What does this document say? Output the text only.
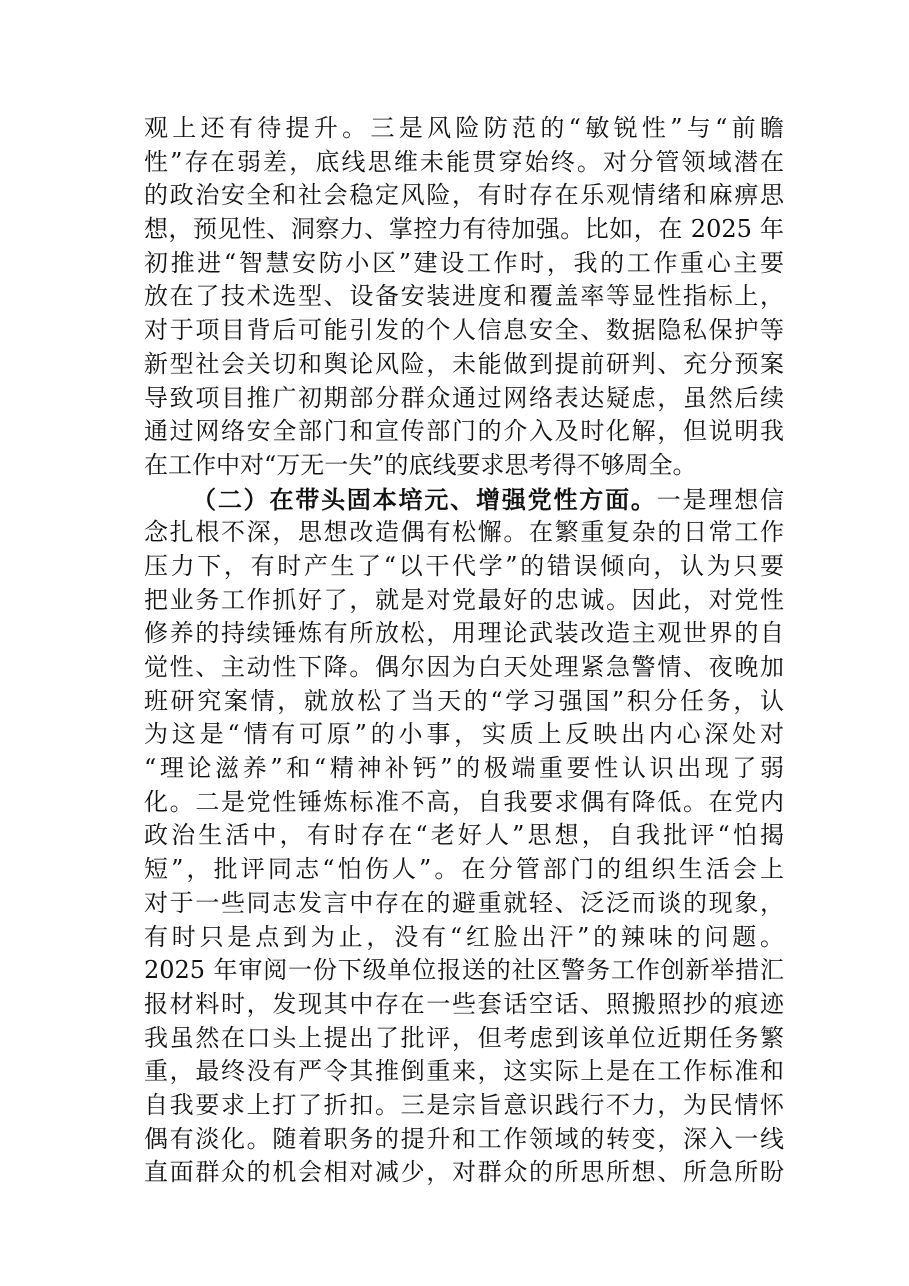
观上还有待提升。三是风险防范的“敏锐性”与“前瞻
性”存在弱差，底线思维未能贯穿始终。对分管领域潜在
的政治安全和社会稳定风险，有时存在乐观情绪和麻痹思
想，预见性、洞察力、掌控力有待加强。比如，在 2025 年
初推进“智慧安防小区”建设工作时，我的工作重心主要
放在了技术选型、设备安装进度和覆盖率等显性指标上，
对于项目背后可能引发的个人信息安全、数据隐私保护等
新型社会关切和舆论风险，未能做到提前研判、充分预案
导致项目推广初期部分群众通过网络表达疑虑，虽然后续
通过网络安全部门和宣传部门的介入及时化解，但说明我
在工作中对“万无一失”的底线要求思考得不够周全。
（二）在带头固本培元、增强党性方面。一是理想信
念扎根不深，思想改造偶有松懈。在繁重复杂的日常工作
压力下，有时产生了“以干代学”的错误倾向，认为只要
把业务工作抓好了，就是对党最好的忠诚。因此，对党性
修养的持续锤炼有所放松，用理论武装改造主观世界的自
觉性、主动性下降。偶尔因为白天处理紧急警情、夜晚加
班研究案情，就放松了当天的“学习强国”积分任务，认
为这是“情有可原”的小事，实质上反映出内心深处对
“理论滋养”和“精神补钙”的极端重要性认识出现了弱
化。二是党性锤炼标准不高，自我要求偶有降低。在党内
政治生活中，有时存在“老好人”思想，自我批评“怕揭
短”，批评同志“怕伤人”。在分管部门的组织生活会上
对于一些同志发言中存在的避重就轻、泛泛而谈的现象，
有时只是点到为止，没有“红脸出汗”的辣味的问题。
2025 年审阅一份下级单位报送的社区警务工作创新举措汇
报材料时，发现其中存在一些套话空话、照搬照抄的痕迹
我虽然在口头上提出了批评，但考虑到该单位近期任务繁
重，最终没有严令其推倒重来，这实际上是在工作标准和
自我要求上打了折扣。三是宗旨意识践行不力，为民情怀
偶有淡化。随着职务的提升和工作领域的转变，深入一线
直面群众的机会相对减少，对群众的所思所想、所急所盼
